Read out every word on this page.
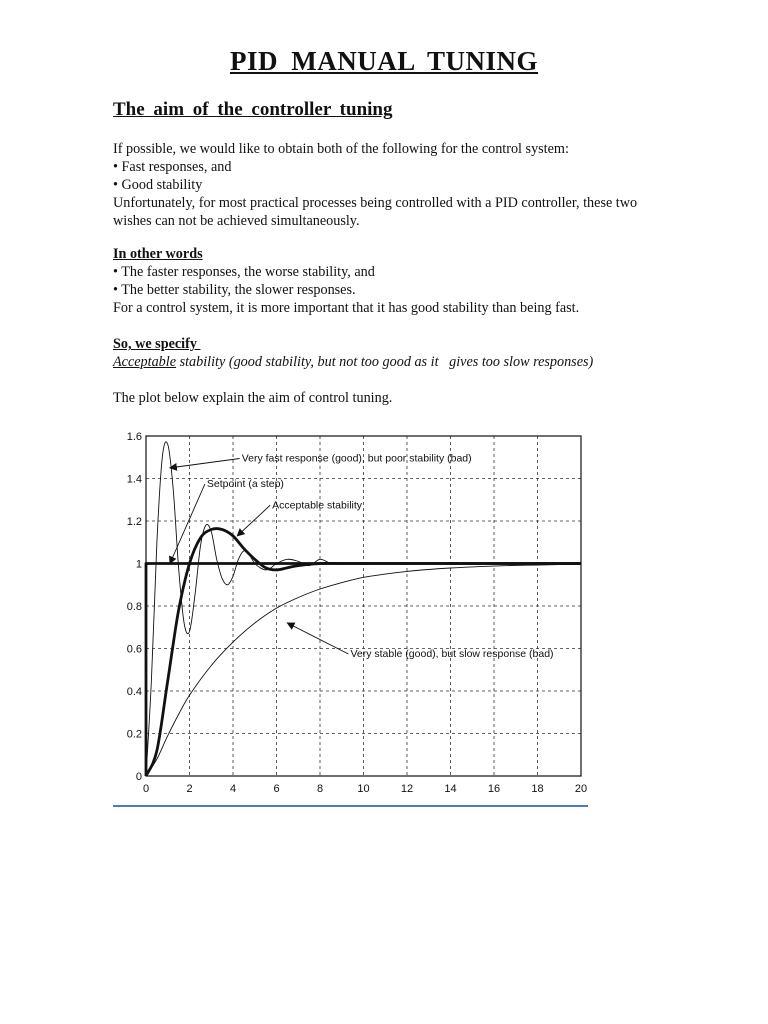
PID MANUAL TUNING
The aim of the controller tuning
If possible, we would like to obtain both of the following for the control system:
• Fast responses, and
• Good stability
Unfortunately, for most practical processes being controlled with a PID controller, these two
wishes can not be achieved simultaneously.
In other words
• The faster responses, the worse stability, and
• The better stability, the slower responses.
For a control system, it is more important that it has good stability than being fast.
So, we specify
Acceptable stability (good stability, but not too good as it   gives too slow responses)
The plot below explain the aim of control tuning.
Very fast response (good), but poor stability (bad)
Setpoint (a step)
Acceptable stability
Very stable (good), but slow response (bad)
0	2	4	6	8	10	12	14	16	18	20
0
0.2
0.4
0.6
0.8
1
1.2
1.4
1.6
